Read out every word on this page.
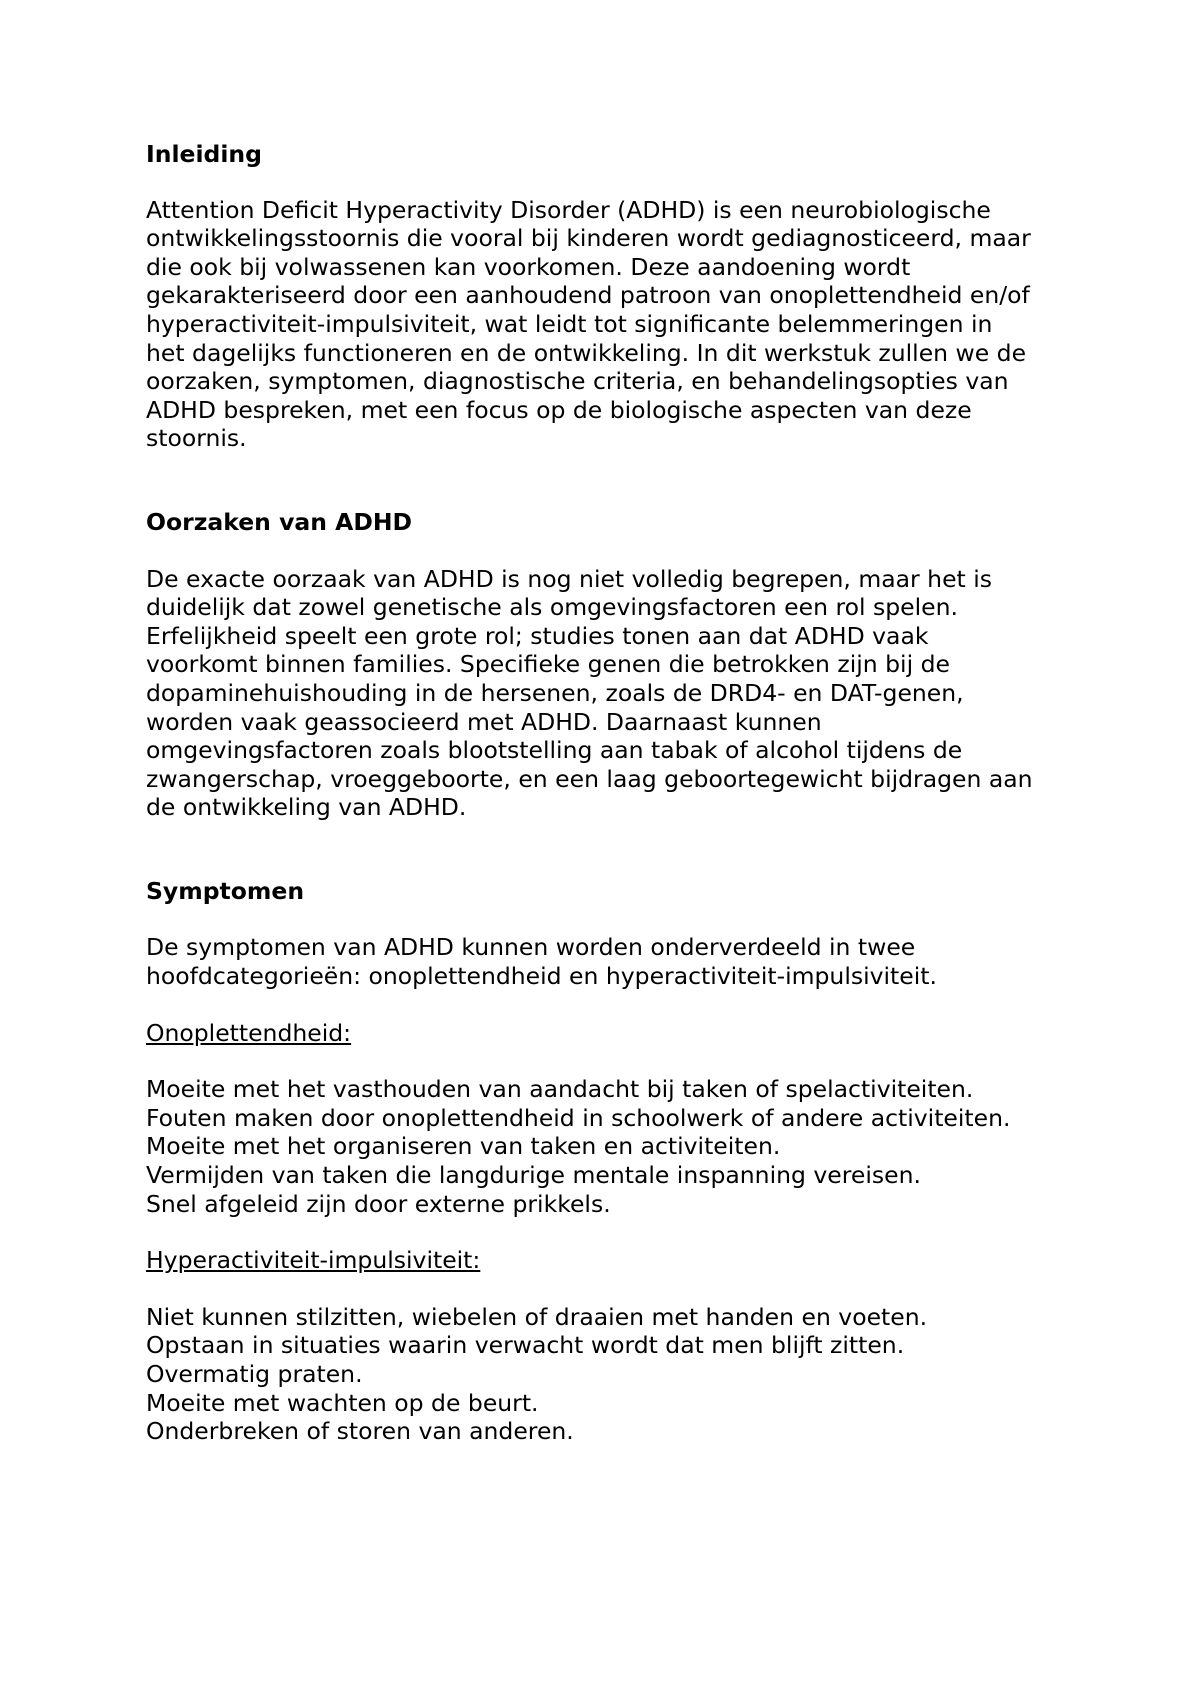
Inleiding

Attention Deficit Hyperactivity Disorder (ADHD) is een neurobiologische
ontwikkelingsstoornis die vooral bij kinderen wordt gediagnosticeerd, maar
die ook bij volwassenen kan voorkomen. Deze aandoening wordt
gekarakteriseerd door een aanhoudend patroon van onoplettendheid en/of
hyperactiviteit-impulsiviteit, wat leidt tot significante belemmeringen in
het dagelijks functioneren en de ontwikkeling. In dit werkstuk zullen we de
oorzaken, symptomen, diagnostische criteria, en behandelingsopties van
ADHD bespreken, met een focus op de biologische aspecten van deze
stoornis.

Oorzaken van ADHD

De exacte oorzaak van ADHD is nog niet volledig begrepen, maar het is
duidelijk dat zowel genetische als omgevingsfactoren een rol spelen.
Erfelijkheid speelt een grote rol; studies tonen aan dat ADHD vaak
voorkomt binnen families. Specifieke genen die betrokken zijn bij de
dopaminehuishouding in de hersenen, zoals de DRD4- en DAT-genen,
worden vaak geassocieerd met ADHD. Daarnaast kunnen
omgevingsfactoren zoals blootstelling aan tabak of alcohol tijdens de
zwangerschap, vroeggeboorte, en een laag geboortegewicht bijdragen aan
de ontwikkeling van ADHD.

Symptomen

De symptomen van ADHD kunnen worden onderverdeeld in twee
hoofdcategorieën: onoplettendheid en hyperactiviteit-impulsiviteit.

Onoplettendheid:

Moeite met het vasthouden van aandacht bij taken of spelactiviteiten.
Fouten maken door onoplettendheid in schoolwerk of andere activiteiten.
Moeite met het organiseren van taken en activiteiten.
Vermijden van taken die langdurige mentale inspanning vereisen.
Snel afgeleid zijn door externe prikkels.

Hyperactiviteit-impulsiviteit:

Niet kunnen stilzitten, wiebelen of draaien met handen en voeten.
Opstaan in situaties waarin verwacht wordt dat men blijft zitten.
Overmatig praten.
Moeite met wachten op de beurt.
Onderbreken of storen van anderen.
